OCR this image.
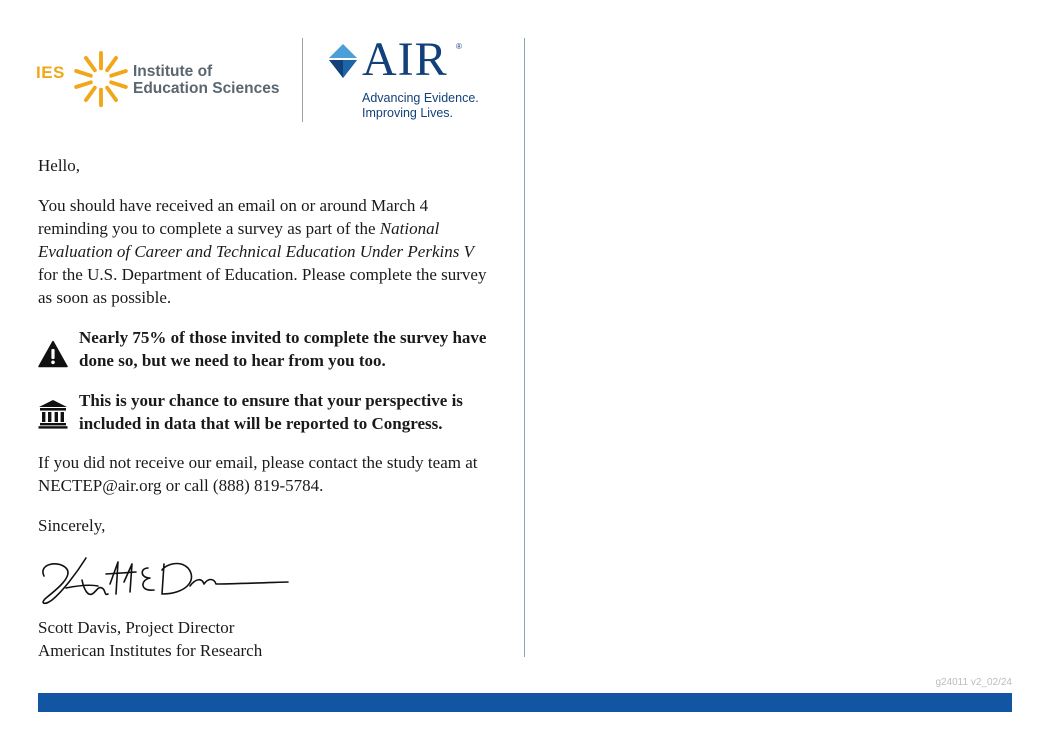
IES	Institute of
Education Sciences
AIR ®
Advancing Evidence.
Improving Lives.
Hello,
You should have received an email on or around March 4 reminding you to complete a survey as part of the National Evaluation of Career and Technical Education Under Perkins V for the U.S. Department of Education. Please complete the survey as soon as possible.
Nearly 75% of those invited to complete the survey have done so, but we need to hear from you too.
This is your chance to ensure that your perspective is included in data that will be reported to Congress.
If you did not receive our email, please contact the study team at NECTEP@air.org or call (888) 819-5784.
Sincerely,
Scott Davis, Project Director
American Institutes for Research
g24011 v2_02/24
